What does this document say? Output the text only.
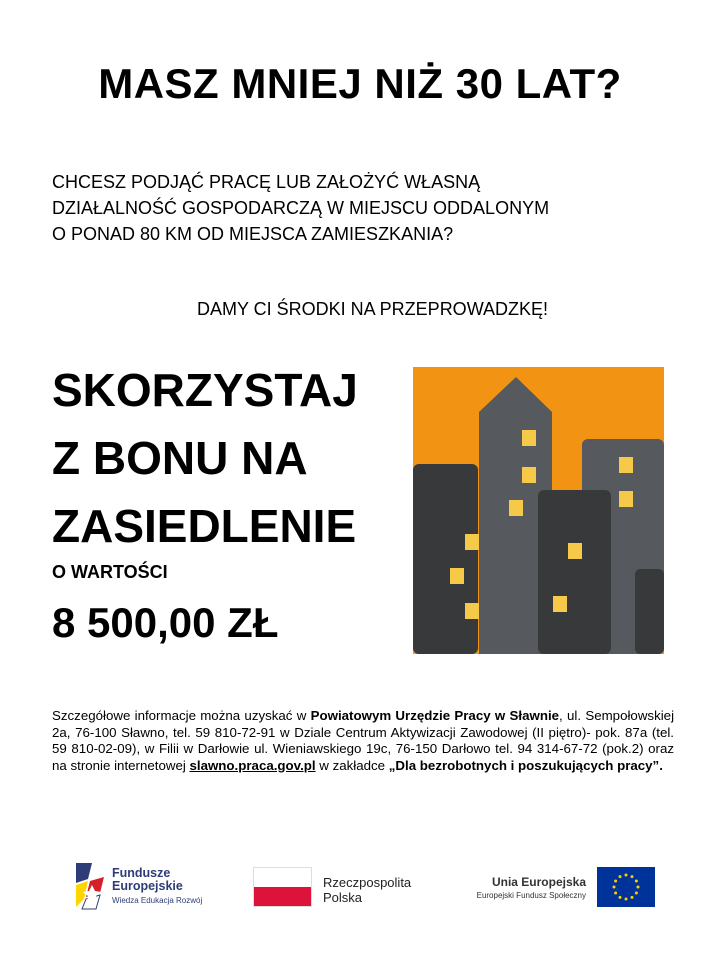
MASZ MNIEJ NIŻ 30 LAT?
CHCESZ PODJĄĆ PRACĘ LUB ZAŁOŻYĆ WŁASNĄ
DZIAŁALNOŚĆ GOSPODARCZĄ W MIEJSCU ODDALONYM
O PONAD 80 KM OD MIEJSCA ZAMIESZKANIA?
DAMY CI ŚRODKI NA PRZEPROWADZKĘ!
SKORZYSTAJ
Z BONU NA
ZASIEDLENIE
O WARTOŚCI
8 500,00 ZŁ
Szczegółowe informacje można uzyskać w Powiatowym Urzędzie Pracy w Sławnie, ul. Sempołowskiej 2a, 76-100 Sławno, tel. 59 810-72-91 w Dziale Centrum Aktywizacji Zawodowej (II piętro)- pok. 87a (tel. 59 810-02-09), w Filii w Darłowie ul. Wieniawskiego 19c, 76-150 Darłowo tel. 94 314-67-72 (pok.2) oraz na stronie internetowej slawno.praca.gov.pl w zakładce „Dla bezrobotnych i poszukujących pracy”.
Fundusze
Europejskie
Wiedza Edukacja Rozwój
Rzeczpospolita
Polska
Unia Europejska
Europejski Fundusz Społeczny
